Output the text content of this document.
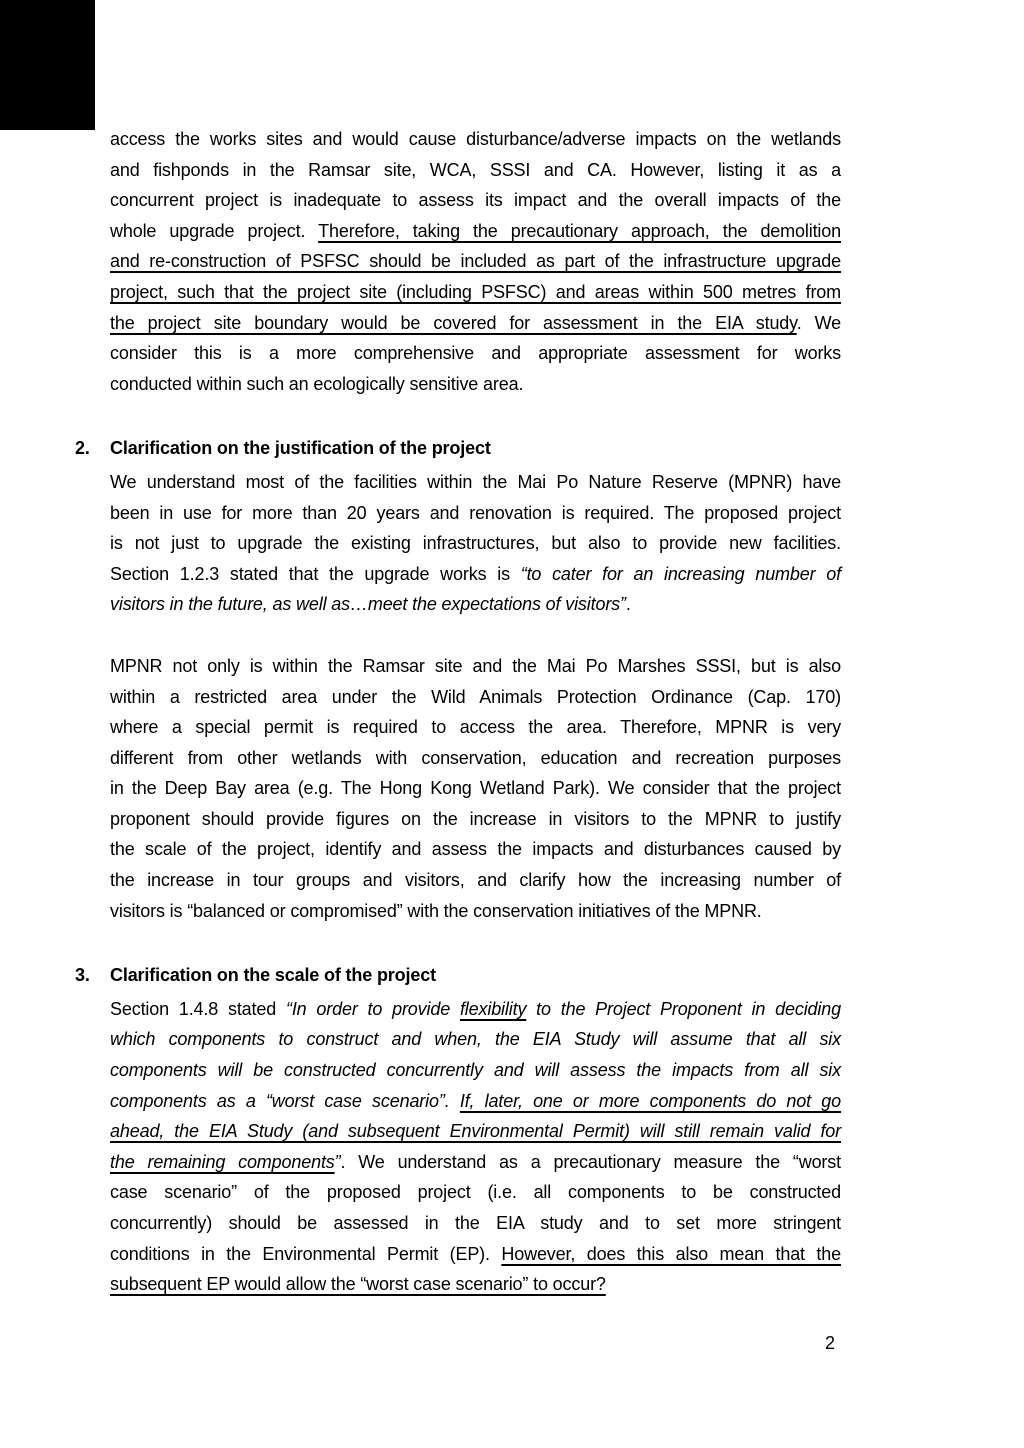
access the works sites and would cause disturbance/adverse impacts on the wetlands
and fishponds in the Ramsar site, WCA, SSSI and CA. However, listing it as a
concurrent project is inadequate to assess its impact and the overall impacts of the
whole upgrade project. Therefore, taking the precautionary approach, the demolition
and re-construction of PSFSC should be included as part of the infrastructure upgrade
project, such that the project site (including PSFSC) and areas within 500 metres from
the project site boundary would be covered for assessment in the EIA study. We
consider this is a more comprehensive and appropriate assessment for works
conducted within such an ecologically sensitive area.
2. Clarification on the justification of the project
We understand most of the facilities within the Mai Po Nature Reserve (MPNR) have
been in use for more than 20 years and renovation is required. The proposed project
is not just to upgrade the existing infrastructures, but also to provide new facilities.
Section 1.2.3 stated that the upgrade works is “to cater for an increasing number of
visitors in the future, as well as…meet the expectations of visitors”.
MPNR not only is within the Ramsar site and the Mai Po Marshes SSSI, but is also
within a restricted area under the Wild Animals Protection Ordinance (Cap. 170)
where a special permit is required to access the area. Therefore, MPNR is very
different from other wetlands with conservation, education and recreation purposes
in the Deep Bay area (e.g. The Hong Kong Wetland Park). We consider that the project
proponent should provide figures on the increase in visitors to the MPNR to justify
the scale of the project, identify and assess the impacts and disturbances caused by
the increase in tour groups and visitors, and clarify how the increasing number of
visitors is “balanced or compromised” with the conservation initiatives of the MPNR.
3. Clarification on the scale of the project
Section 1.4.8 stated “In order to provide flexibility to the Project Proponent in deciding
which components to construct and when, the EIA Study will assume that all six
components will be constructed concurrently and will assess the impacts from all six
components as a “worst case scenario”. If, later, one or more components do not go
ahead, the EIA Study (and subsequent Environmental Permit) will still remain valid for
the remaining components”. We understand as a precautionary measure the “worst
case scenario” of the proposed project (i.e. all components to be constructed
concurrently) should be assessed in the EIA study and to set more stringent
conditions in the Environmental Permit (EP). However, does this also mean that the
subsequent EP would allow the “worst case scenario” to occur?
2
